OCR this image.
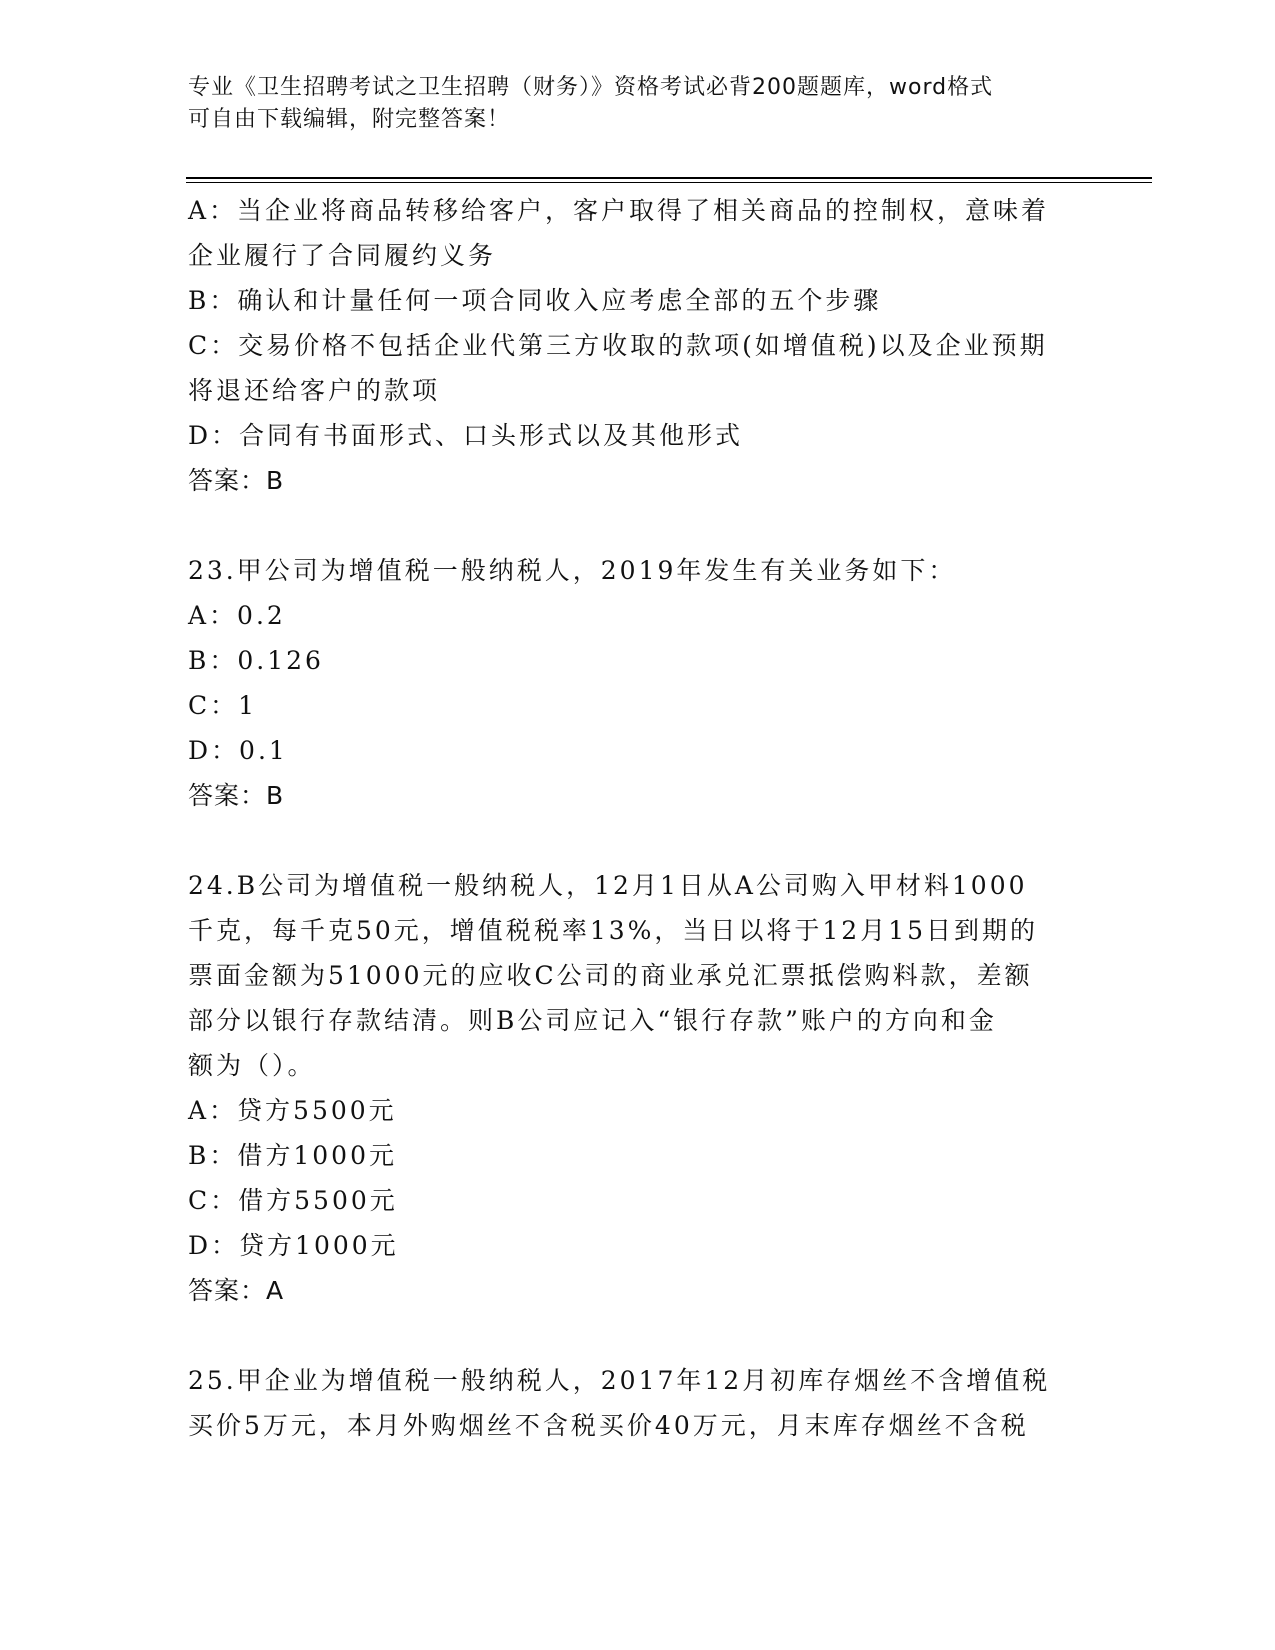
专业《卫生招聘考试之卫生招聘（财务）》资格考试必背200题题库，word格式

可自由下载编辑，附完整答案！

A：当企业将商品转移给客户，客户取得了相关商品的控制权，意味着

企业履行了合同履约义务

B：确认和计量任何一项合同收入应考虑全部的五个步骤

C：交易价格不包括企业代第三方收取的款项(如增值税)以及企业预期

将退还给客户的款项

D：合同有书面形式、口头形式以及其他形式

答案：B

23.甲公司为增值税一般纳税人，2019年发生有关业务如下：

A：0.2

B：0.126

C：1

D：0.1

答案：B

24.B公司为增值税一般纳税人，12月1日从A公司购入甲材料1000

千克，每千克50元，增值税税率13%，当日以将于12月15日到期的

票面金额为51000元的应收C公司的商业承兑汇票抵偿购料款，差额

部分以银行存款结清。则B公司应记入“银行存款”账户的方向和金

额为（）。

A：贷方5500元

B：借方1000元

C：借方5500元

D：贷方1000元

答案：A

25.甲企业为增值税一般纳税人，2017年12月初库存烟丝不含增值税

买价5万元，本月外购烟丝不含税买价40万元，月末库存烟丝不含税
